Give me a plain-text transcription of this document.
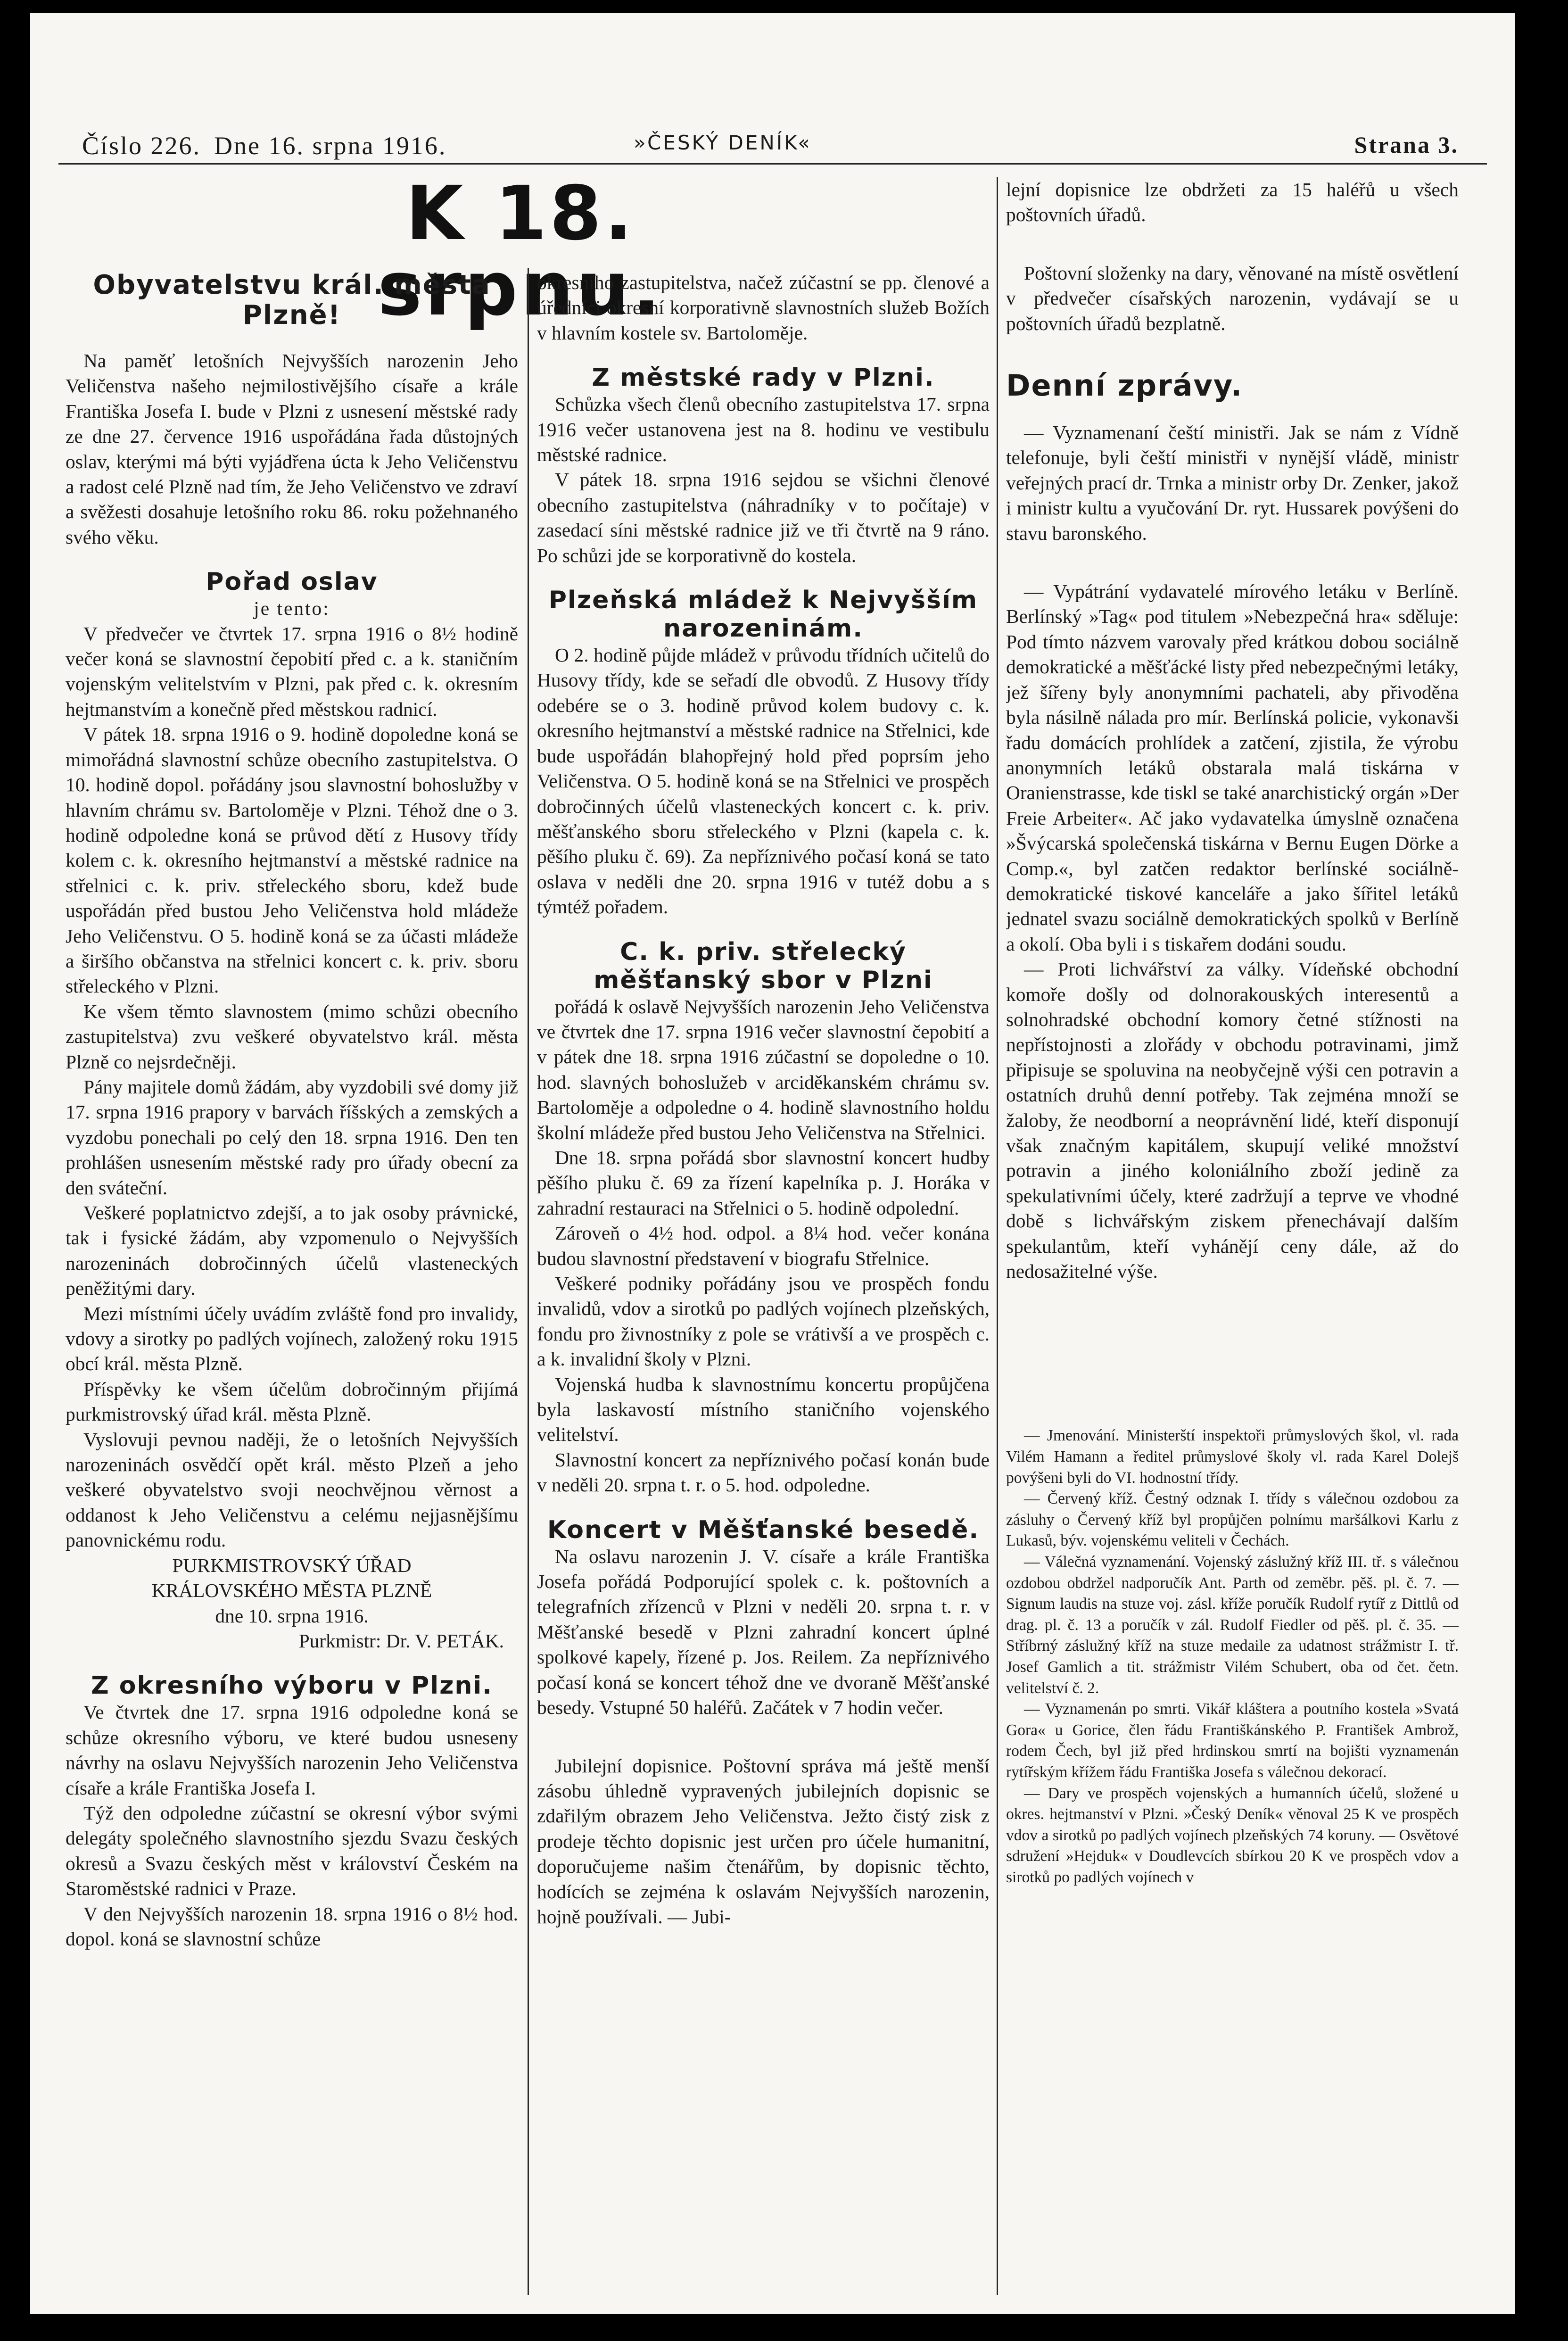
Číslo 226. Dne 16. srpna 1916.	»ČESKÝ DENÍK«	Strana 3.
K 18. srpnu.

Obyvatelstvu král. města Plzně!

Na paměť letošních Nejvyšších narozenin Jeho Veličenstva našeho nejmilostivějšího císaře a krále Františka Josefa I. bude v Plzni z usnesení městské rady ze dne 27. července 1916 uspořádána řada důstojných oslav, kterými má býti vyjádřena úcta k Jeho Veličenstvu a radost celé Plzně nad tím, že Jeho Veličenstvo ve zdraví a svěžesti dosahuje letošního roku 86. roku požehnaného svého věku.

Pořad oslav

je tento:

V předvečer ve čtvrtek 17. srpna 1916 o 8½ hodině večer koná se slavnostní čepobití před c. a k. staničním vojenským velitelstvím v Plzni, pak před c. k. okresním hejtmanstvím a konečně před městskou radnicí.

V pátek 18. srpna 1916 o 9. hodině dopoledne koná se mimořádná slavnostní schůze obecního zastupitelstva. O 10. hodině dopol. pořádány jsou slavnostní bohoslužby v hlavním chrámu sv. Bartoloměje v Plzni. Téhož dne o 3. hodině odpoledne koná se průvod dětí z Husovy třídy kolem c. k. okresního hejtmanství a městské radnice na střelnici c. k. priv. střeleckého sboru, kdež bude uspořádán před bustou Jeho Veličenstva hold mládeže Jeho Veličenstvu. O 5. hodině koná se za účasti mládeže a širšího občanstva na střelnici koncert c. k. priv. sboru střeleckého v Plzni.

Ke všem těmto slavnostem (mimo schůzi obecního zastupitelstva) zvu veškeré obyvatelstvo král. města Plzně co nejsrdečněji.

Pány majitele domů žádám, aby vyzdobili své domy již 17. srpna 1916 prapory v barvách říšských a zemských a vyzdobu ponechali po celý den 18. srpna 1916. Den ten prohlášen usnesením městské rady pro úřady obecní za den sváteční.

Veškeré poplatnictvo zdejší, a to jak osoby právnické, tak i fysické žádám, aby vzpomenulo o Nejvyšších narozeninách dobročinných účelů vlasteneckých peněžitými dary.

Mezi místními účely uvádím zvláště fond pro invalidy, vdovy a sirotky po padlých vojínech, založený roku 1915 obcí král. města Plzně.

Příspěvky ke všem účelům dobročinným přijímá purkmistrovský úřad král. města Plzně.

Vyslovuji pevnou naději, že o letošních Nejvyšších narozeninách osvědčí opět král. město Plzeň a jeho veškeré obyvatelstvo svoji neochvějnou věrnost a oddanost k Jeho Veličenstvu a celému nejjasnějšímu panovnickému rodu.

PURKMISTROVSKÝ ÚŘAD

KRÁLOVSKÉHO MĚSTA PLZNĚ

dne 10. srpna 1916.

Purkmistr: Dr. V. PETÁK.

Z okresního výboru v Plzni.

Ve čtvrtek dne 17. srpna 1916 odpoledne koná se schůze okresního výboru, ve které budou usneseny návrhy na oslavu Nejvyšších narozenin Jeho Veličenstva císaře a krále Františka Josefa I.

Týž den odpoledne zúčastní se okresní výbor svými delegáty společného slavnostního sjezdu Svazu českých okresů a Svazu českých měst v království Českém na Staroměstské radnici v Praze.

V den Nejvyšších narozenin 18. srpna 1916 o 8½ hod. dopol. koná se slavnostní schůze

okresního zastupitelstva, načež zúčastní se pp. členové a úředníci okresní korporativně slavnostních služeb Božích v hlavním kostele sv. Bartoloměje.

Z městské rady v Plzni.

Schůzka všech členů obecního zastupitelstva 17. srpna 1916 večer ustanovena jest na 8. hodinu ve vestibulu městské radnice.

V pátek 18. srpna 1916 sejdou se všichni členové obecního zastupitelstva (náhradníky v to počítaje) v zasedací síni městské radnice již ve tři čtvrtě na 9 ráno. Po schůzi jde se korporativně do kostela.

Plzeňská mládež k Nejvyšším narozeninám.

O 2. hodině půjde mládež v průvodu třídních učitelů do Husovy třídy, kde se seřadí dle obvodů. Z Husovy třídy odebére se o 3. hodině průvod kolem budovy c. k. okresního hejtmanství a městské radnice na Střelnici, kde bude uspořádán blahopřejný hold před poprsím jeho Veličenstva. O 5. hodině koná se na Střelnici ve prospěch dobročinných účelů vlasteneckých koncert c. k. priv. měšťanského sboru střeleckého v Plzni (kapela c. k. pěšího pluku č. 69). Za nepříznivého počasí koná se tato oslava v neděli dne 20. srpna 1916 v tutéž dobu a s týmtéž pořadem.

C. k. priv. střelecký měšťanský sbor v Plzni

pořádá k oslavě Nejvyšších narozenin Jeho Veličenstva ve čtvrtek dne 17. srpna 1916 večer slavnostní čepobití a v pátek dne 18. srpna 1916 zúčastní se dopoledne o 10. hod. slavných bohoslužeb v arciděkanském chrámu sv. Bartoloměje a odpoledne o 4. hodině slavnostního holdu školní mládeže před bustou Jeho Veličenstva na Střelnici.

Dne 18. srpna pořádá sbor slavnostní koncert hudby pěšího pluku č. 69 za řízení kapelníka p. J. Horáka v zahradní restauraci na Střelnici o 5. hodině odpolední.

Zároveň o 4½ hod. odpol. a 8¼ hod. večer konána budou slavnostní představení v biografu Střelnice.

Veškeré podniky pořádány jsou ve prospěch fondu invalidů, vdov a sirotků po padlých vojínech plzeňských, fondu pro živnostníky z pole se vrátivší a ve prospěch c. a k. invalidní školy v Plzni.

Vojenská hudba k slavnostnímu koncertu propůjčena byla laskavostí místního staničního vojenského velitelství.

Slavnostní koncert za nepříznivého počasí konán bude v neděli 20. srpna t. r. o 5. hod. odpoledne.

Koncert v Měšťanské besedě.

Na oslavu narozenin J. V. císaře a krále Františka Josefa pořádá Podporující spolek c. k. poštovních a telegrafních zřízenců v Plzni v neděli 20. srpna t. r. v Měšťanské besedě v Plzni zahradní koncert úplné spolkové kapely, řízené p. Jos. Reilem. Za nepříznivého počasí koná se koncert téhož dne ve dvoraně Měšťanské besedy. Vstupné 50 haléřů. Začátek v 7 hodin večer.

Jubilejní dopisnice. Poštovní správa má ještě menší zásobu úhledně vypravených jubilejních dopisnic se zdařilým obrazem Jeho Veličenstva. Ježto čistý zisk z prodeje těchto dopisnic jest určen pro účele humanitní, doporučujeme našim čtenářům, by dopisnic těchto, hodících se zejména k oslavám Nejvyšších narozenin, hojně používali. — Jubi-

lejní dopisnice lze obdržeti za 15 haléřů u všech poštovních úřadů.

Poštovní složenky na dary, věnované na místě osvětlení v předvečer císařských narozenin, vydávají se u poštovních úřadů bezplatně.

Denní zprávy.

— Vyznamenaní čeští ministři. Jak se nám z Vídně telefonuje, byli čeští ministři v nynější vládě, ministr veřejných prací dr. Trnka a ministr orby Dr. Zenker, jakož i ministr kultu a vyučování Dr. ryt. Hussarek povýšeni do stavu baronského.

— Vypátrání vydavatelé mírového letáku v Berlíně. Berlínský »Tag« pod titulem »Nebezpečná hra« sděluje: Pod tímto názvem varovaly před krátkou dobou sociálně demokratické a měšťácké listy před nebezpečnými letáky, jež šířeny byly anonymními pachateli, aby přivoděna byla násilně nálada pro mír. Berlínská policie, vykonavši řadu domácích prohlídek a zatčení, zjistila, že výrobu anonymních letáků obstarala malá tiskárna v Oranienstrasse, kde tiskl se také anarchistický orgán »Der Freie Arbeiter«. Ač jako vydavatelka úmyslně označena »Švýcarská společenská tiskárna v Bernu Eugen Dörke a Comp.«, byl zatčen redaktor berlínské sociálně-demokratické tiskové kanceláře a jako šířitel letáků jednatel svazu sociálně demokratických spolků v Berlíně a okolí. Oba byli i s tiskařem dodáni soudu.

— Proti lichvářství za války. Vídeňské obchodní komoře došly od dolnorakouských interesentů a solnohradské obchodní komory četné stížnosti na nepřístojnosti a zlořády v obchodu potravinami, jimž připisuje se spoluvina na neobyčejně výši cen potravin a ostatních druhů denní potřeby. Tak zejména množí se žaloby, že neodborní a neoprávnění lidé, kteří disponují však značným kapitálem, skupují veliké množství potravin a jiného koloniálního zboží jedině za spekulativními účely, které zadržují a teprve ve vhodné době s lichvářským ziskem přenechávají dalším spekulantům, kteří vyhánějí ceny dále, až do nedosažitelné výše.

— Jmenování. Ministerští inspektoři průmyslových škol, vl. rada Vilém Hamann a ředitel průmyslové školy vl. rada Karel Dolejš povýšeni byli do VI. hodnostní třídy.

— Červený kříž. Čestný odznak I. třídy s válečnou ozdobou za zásluhy o Červený kříž byl propůjčen polnímu maršálkovi Karlu z Lukasů, býv. vojenskému veliteli v Čechách.

— Válečná vyznamenání. Vojenský záslužný kříž III. tř. s válečnou ozdobou obdržel nadporučík Ant. Parth od zeměbr. pěš. pl. č. 7. — Signum laudis na stuze voj. zásl. kříže poručík Rudolf rytíř z Dittlů od drag. pl. č. 13 a poručík v zál. Rudolf Fiedler od pěš. pl. č. 35. — Stříbrný záslužný kříž na stuze medaile za udatnost strážmistr I. tř. Josef Gamlich a tit. strážmistr Vilém Schubert, oba od čet. četn. velitelství č. 2.

— Vyznamenán po smrti. Vikář kláštera a poutního kostela »Svatá Gora« u Gorice, člen řádu Františkánského P. František Ambrož, rodem Čech, byl již před hrdinskou smrtí na bojišti vyznamenán rytířským křížem řádu Františka Josefa s válečnou dekorací.

— Dary ve prospěch vojenských a humanních účelů, složené u okres. hejtmanství v Plzni. »Český Deník« věnoval 25 K ve prospěch vdov a sirotků po padlých vojínech plzeňských 74 koruny. — Osvětové sdružení »Hejduk« v Doudlevcích sbírkou 20 K ve prospěch vdov a sirotků po padlých vojínech v
